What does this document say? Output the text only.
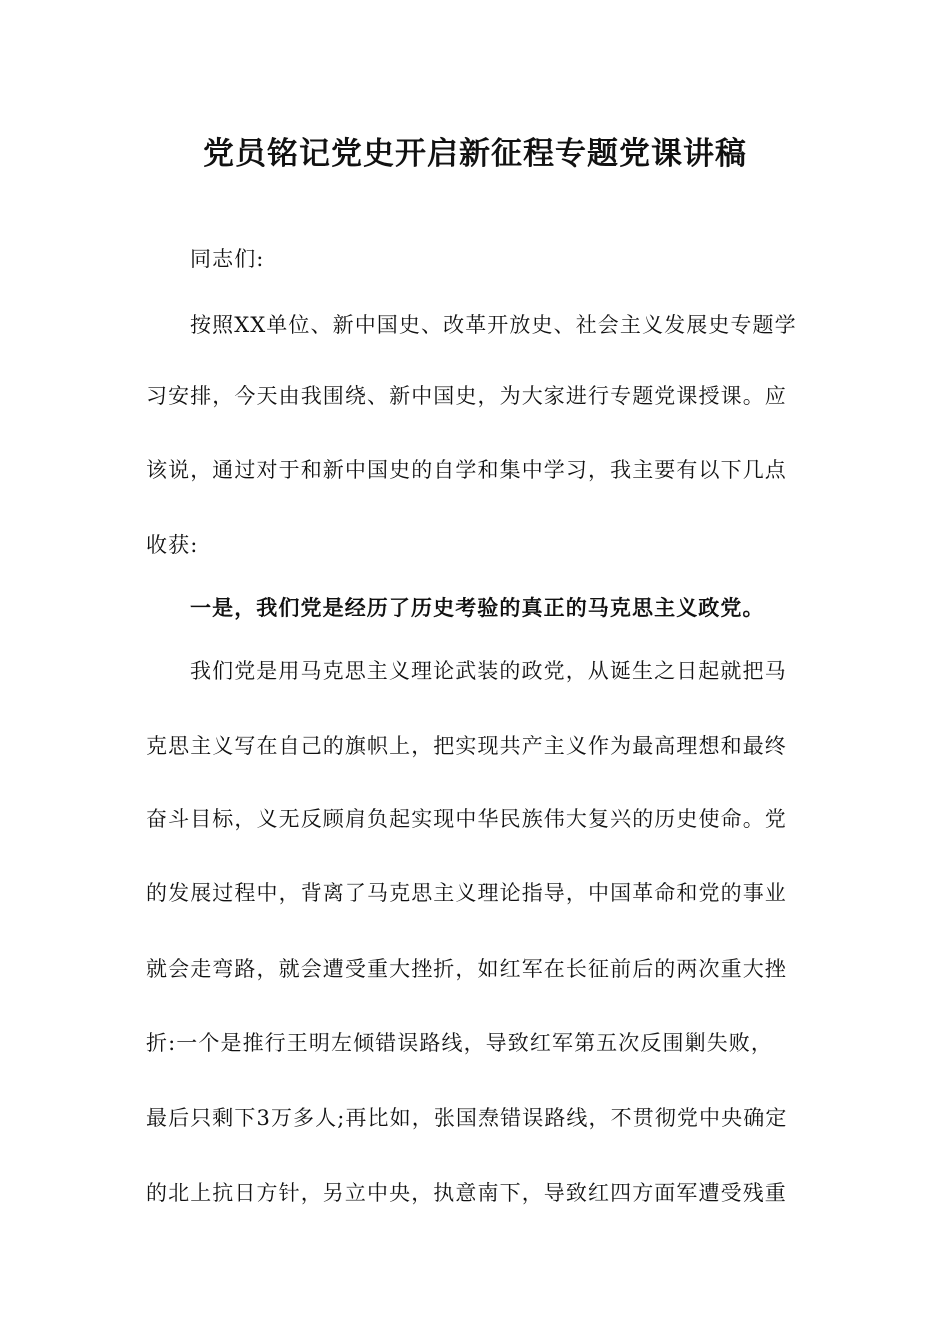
党员铭记党史开启新征程专题党课讲稿
同志们:
按照XX单位、新中国史、改革开放史、社会主义发展史专题学
习安排，今天由我围绕、新中国史，为大家进行专题党课授课。应
该说，通过对于和新中国史的自学和集中学习，我主要有以下几点
收获:
一是，我们党是经历了历史考验的真正的马克思主义政党。
我们党是用马克思主义理论武装的政党，从诞生之日起就把马
克思主义写在自己的旗帜上，把实现共产主义作为最高理想和最终
奋斗目标，义无反顾肩负起实现中华民族伟大复兴的历史使命。党
的发展过程中，背离了马克思主义理论指导，中国革命和党的事业
就会走弯路，就会遭受重大挫折，如红军在长征前后的两次重大挫
折:一个是推行王明左倾错误路线，导致红军第五次反围剿失败，
最后只剩下3万多人;再比如，张国焘错误路线，不贯彻党中央确定
的北上抗日方针，另立中央，执意南下，导致红四方面军遭受残重
